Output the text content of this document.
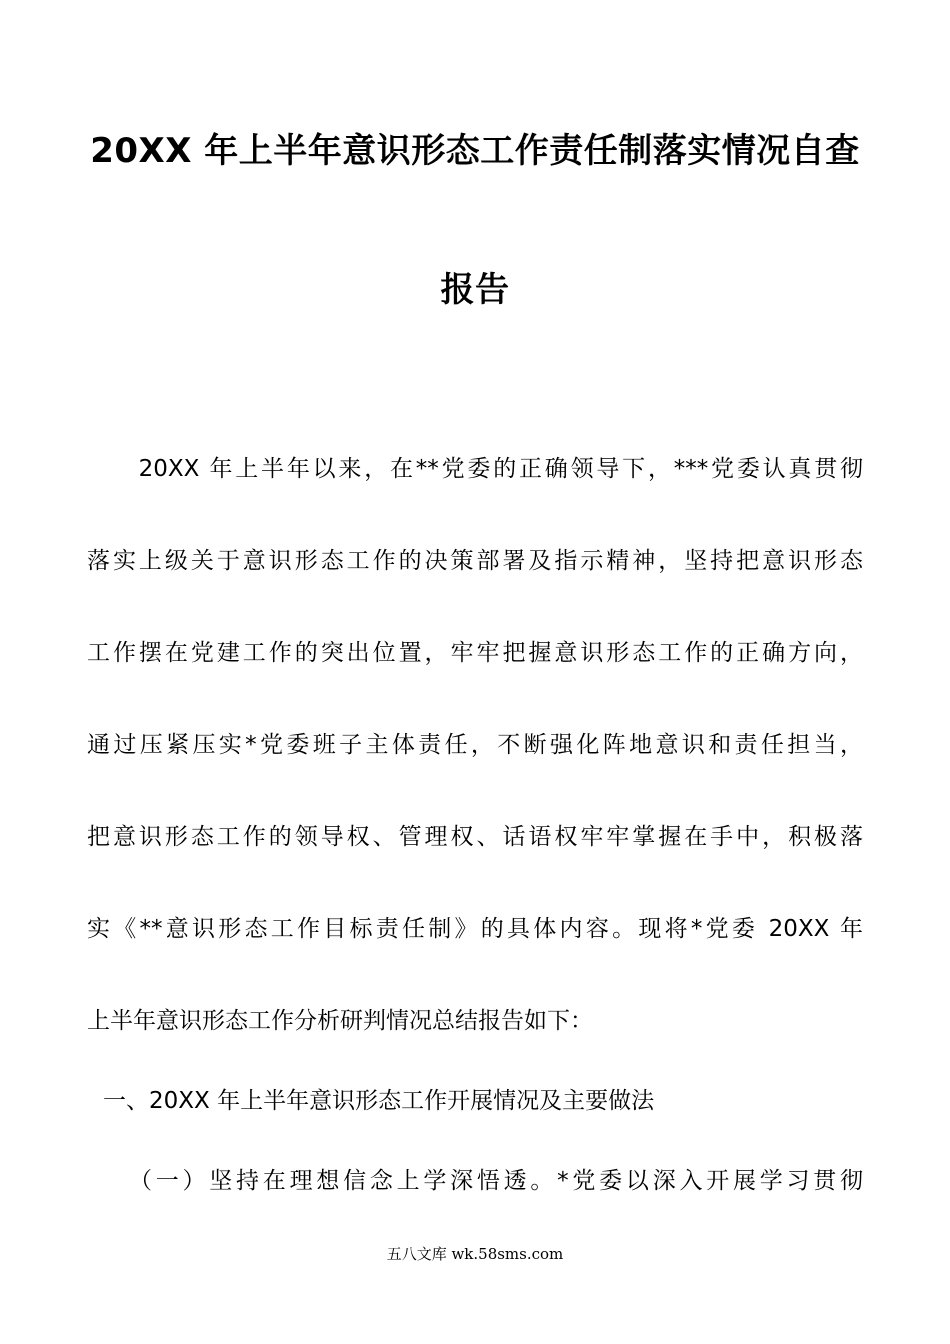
20XX 年上半年意识形态工作责任制落实情况自查
报告
　　20XX 年上半年以来，在**党委的正确领导下，***党委认真贯彻
落实上级关于意识形态工作的决策部署及指示精神，坚持把意识形态
工作摆在党建工作的突出位置，牢牢把握意识形态工作的正确方向，
通过压紧压实*党委班子主体责任，不断强化阵地意识和责任担当，
把意识形态工作的领导权、管理权、话语权牢牢掌握在手中，积极落
实《**意识形态工作目标责任制》的具体内容。现将*党委 20XX 年
上半年意识形态工作分析研判情况总结报告如下：
一、20XX 年上半年意识形态工作开展情况及主要做法
　　（一）坚持在理想信念上学深悟透。*党委以深入开展学习贯彻
五八文库 wk.58sms.com
